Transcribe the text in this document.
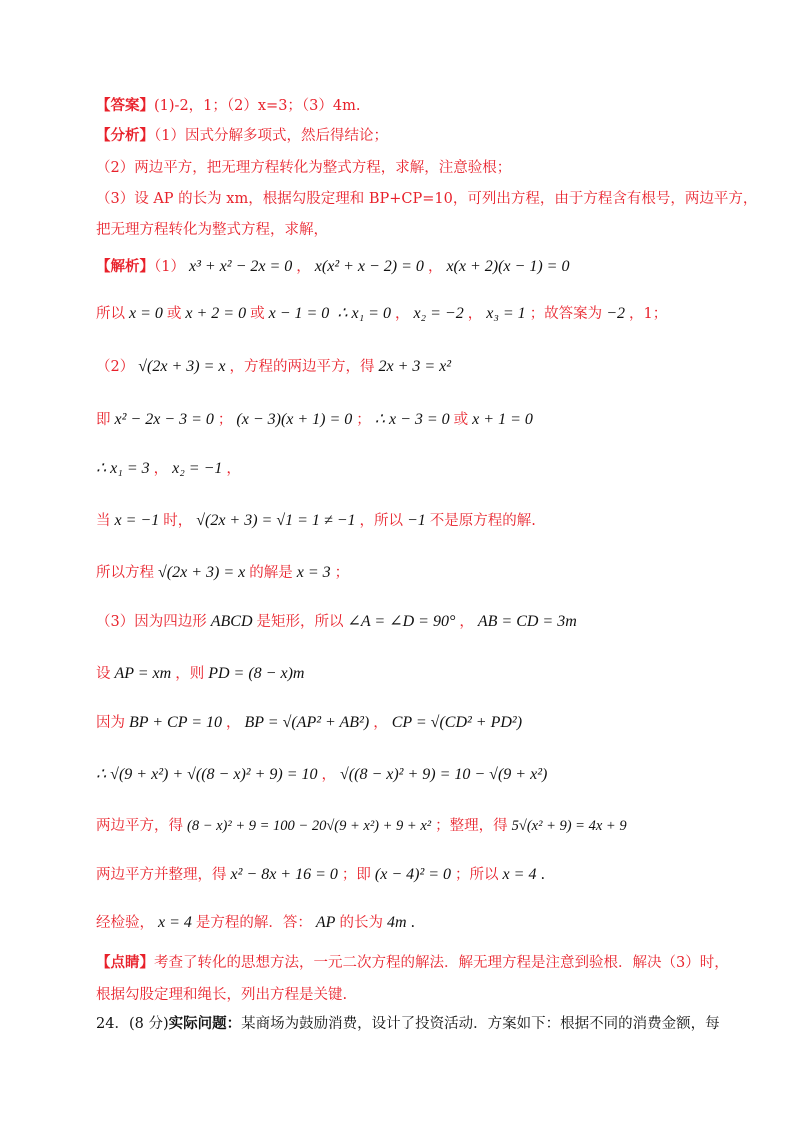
【答案】(1)-2，1；（2）x=3；（3）4m.
【分析】（1）因式分解多项式，然后得结论；
（2）两边平方，把无理方程转化为整式方程，求解，注意验根；
（3）设 AP 的长为 xm，根据勾股定理和 BP+CP=10，可列出方程，由于方程含有根号，两边平方，
把无理方程转化为整式方程，求解，
【解析】（1） x³ + x² − 2x = 0 ， x(x² + x − 2) = 0 ， x(x + 2)(x − 1) = 0
所以 x = 0 或 x + 2 = 0 或 x − 1 = 0 ∴ x₁ = 0 ， x₂ = −2 ， x₃ = 1 ；故答案为 −2 ，1；
（2） √(2x + 3) = x ，方程的两边平方，得 2x + 3 = x²
即 x² − 2x − 3 = 0 ； (x − 3)(x + 1) = 0 ； ∴ x − 3 = 0 或 x + 1 = 0
∴ x₁ = 3 ， x₂ = −1 ，
当 x = −1 时， √(2x + 3) = √1 = 1 ≠ −1 ，所以 −1 不是原方程的解.
所以方程 √(2x + 3) = x 的解是 x = 3 ；
（3）因为四边形 ABCD 是矩形，所以 ∠A = ∠D = 90° ， AB = CD = 3m
设 AP = xm ，则 PD = (8 − x)m
因为 BP + CP = 10 ， BP = √(AP² + AB²) ， CP = √(CD² + PD²)
∴ √(9 + x²) + √((8 − x)² + 9) = 10 ， √((8 − x)² + 9) = 10 − √(9 + x²)
两边平方，得 (8 − x)² + 9 = 100 − 20√(9 + x²) + 9 + x² ；整理，得 5√(x² + 9) = 4x + 9
两边平方并整理，得 x² − 8x + 16 = 0 ；即 (x − 4)² = 0 ；所以 x = 4 .
经检验， x = 4 是方程的解．答： AP 的长为 4m .
【点睛】考查了转化的思想方法，一元二次方程的解法．解无理方程是注意到验根．解决（3）时，
根据勾股定理和绳长，列出方程是关键.
24．(8 分)实际问题：某商场为鼓励消费，设计了投资活动．方案如下：根据不同的消费金额，每
